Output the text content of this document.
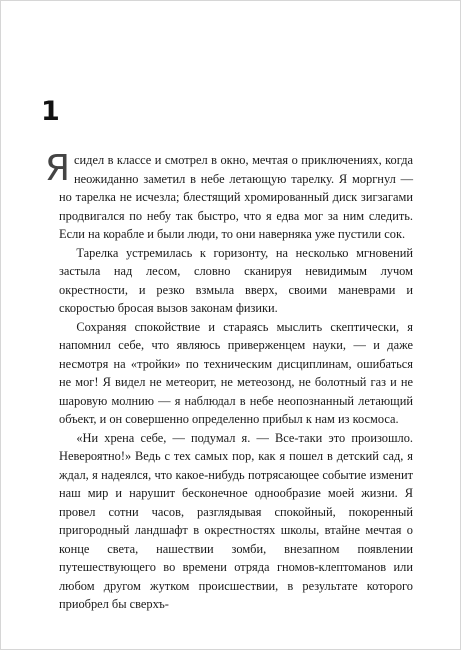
1

Я сидел в классе и смотрел в окно, мечтая о приключениях, когда неожиданно заметил в небе летающую тарелку. Я моргнул — но тарелка не исчезла; блестящий хромированный диск зигзагами продвигался по небу так быстро, что я едва мог за ним следить. Если на корабле и были люди, то они наверняка уже пустили сок.

Тарелка устремилась к горизонту, на несколько мгновений застыла над лесом, словно сканируя невидимым лучом окрестности, и резко взмыла вверх, своими маневрами и скоростью бросая вызов законам физики.

Сохраняя спокойствие и стараясь мыслить скептически, я напомнил себе, что являюсь приверженцем науки, — и даже несмотря на «тройки» по техническим дисциплинам, ошибаться не мог! Я видел не метеорит, не метеозонд, не болотный газ и не шаровую молнию — я наблюдал в небе неопознанный летающий объект, и он совершенно определенно прибыл к нам из космоса.

«Ни хрена себе, — подумал я. — Все-таки это произошло. Невероятно!» Ведь с тех самых пор, как я пошел в детский сад, я ждал, я надеялся, что какое-нибудь потрясающее событие изменит наш мир и нарушит бесконечное однообразие моей жизни. Я провел сотни часов, разглядывая спокойный, покоренный пригородный ландшафт в окрестностях школы, втайне мечтая о конце света, нашествии зомби, внезапном появлении путешествующего во времени отряда гномов-клептоманов или любом другом жутком происшествии, в результате которого приобрел бы сверхъ-
